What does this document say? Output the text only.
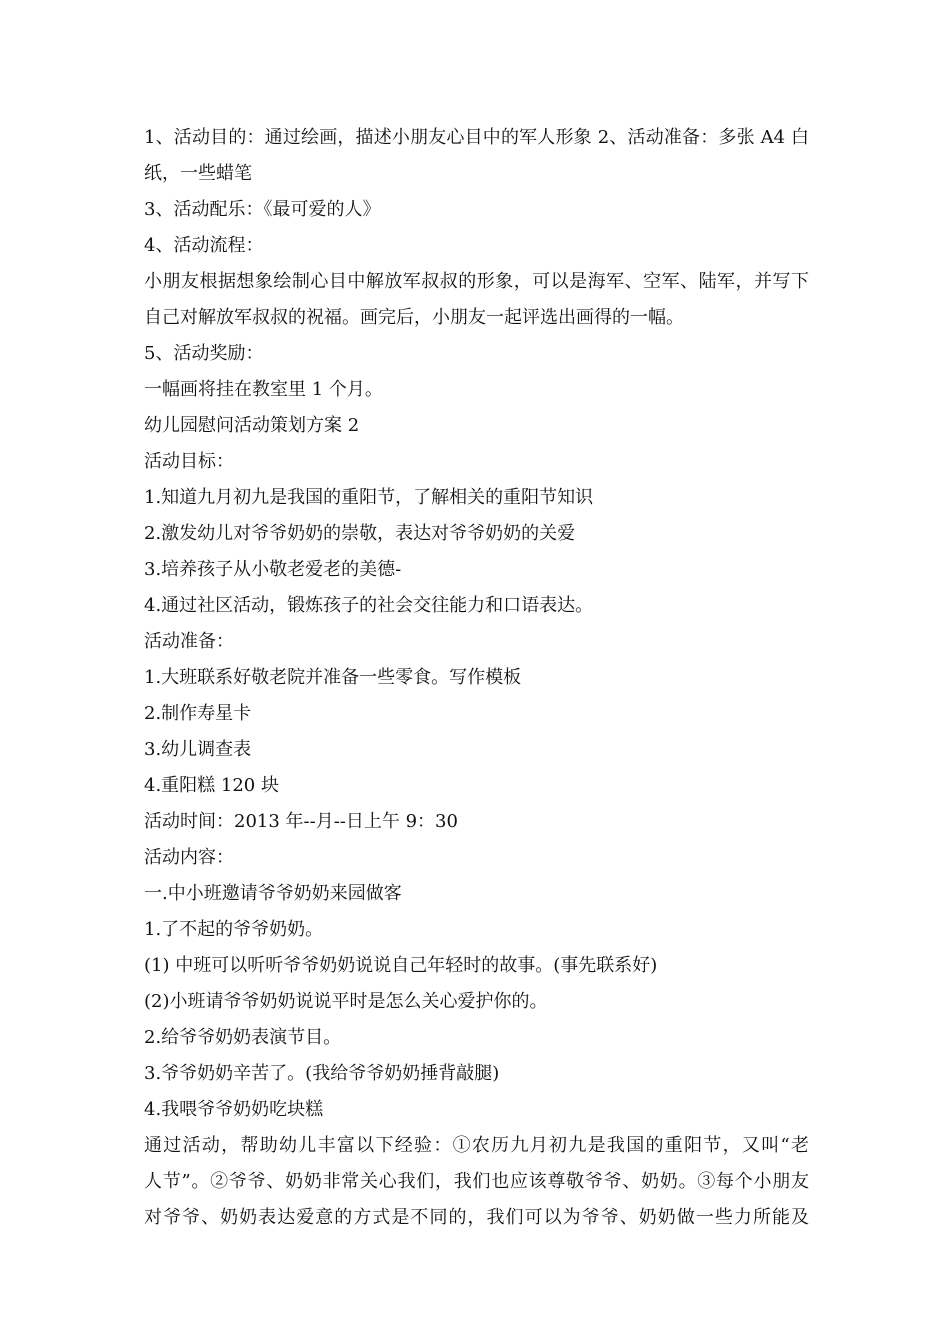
1、活动目的：通过绘画，描述小朋友心目中的军人形象 2、活动准备：多张 A4 白
纸，一些蜡笔
3、活动配乐：《最可爱的人》
4、活动流程：
小朋友根据想象绘制心目中解放军叔叔的形象，可以是海军、空军、陆军，并写下
自己对解放军叔叔的祝福。画完后，小朋友一起评选出画得的一幅。
5、活动奖励：
一幅画将挂在教室里 1 个月。
幼儿园慰问活动策划方案 2
活动目标：
1.知道九月初九是我国的重阳节，了解相关的重阳节知识
2.激发幼儿对爷爷奶奶的崇敬，表达对爷爷奶奶的关爱
3.培养孩子从小敬老爱老的美德-
4.通过社区活动，锻炼孩子的社会交往能力和口语表达。
活动准备：
1.大班联系好敬老院并准备一些零食。写作模板
2.制作寿星卡
3.幼儿调查表
4.重阳糕 120 块
活动时间：2013 年--月--日上午 9：30
活动内容：
一.中小班邀请爷爷奶奶来园做客
1.了不起的爷爷奶奶。
(1) 中班可以听听爷爷奶奶说说自己年轻时的故事。(事先联系好)
(2)小班请爷爷奶奶说说平时是怎么关心爱护你的。
2.给爷爷奶奶表演节目。
3.爷爷奶奶辛苦了。(我给爷爷奶奶捶背敲腿)
4.我喂爷爷奶奶吃块糕
通过活动，帮助幼儿丰富以下经验：①农历九月初九是我国的重阳节，又叫“老
人节”。②爷爷、奶奶非常关心我们，我们也应该尊敬爷爷、奶奶。③每个小朋友
对爷爷、奶奶表达爱意的方式是不同的，我们可以为爷爷、奶奶做一些力所能及
